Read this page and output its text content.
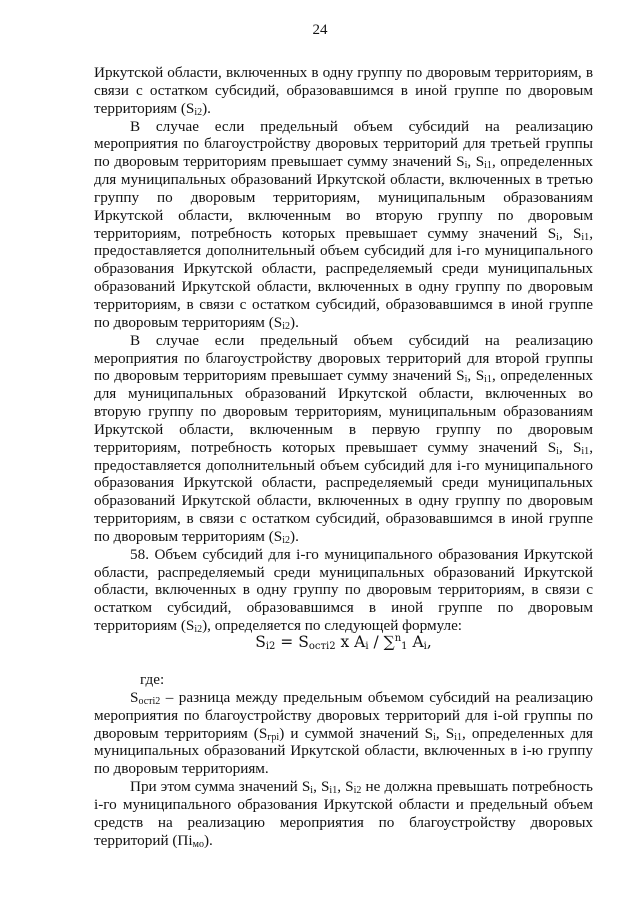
24

Иркутской области, включенных в одну группу по дворовым территориям, в связи с остатком субсидий, образовавшимся в иной группе по дворовым территориям $(S_{i2})$.

В случае если предельный объем субсидий на реализацию мероприятия по благоустройству дворовых территорий для третьей группы по дворовым территориям превышает сумму значений $S_i$, $S_{i1}$, определенных для муниципальных образований Иркутской области, включенных в третью группу по дворовым территориям, муниципальным образованиям Иркутской области, включенным во вторую группу по дворовым территориям, потребность которых превышает сумму значений $S_i$, $S_{i1}$, предоставляется дополнительный объем субсидий для i-го муниципального образования Иркутской области, распределяемый среди муниципальных образований Иркутской области, включенных в одну группу по дворовым территориям, в связи с остатком субсидий, образовавшимся в иной группе по дворовым территориям $(S_{i2})$.

В случае если предельный объем субсидий на реализацию мероприятия по благоустройству дворовых территорий для второй группы по дворовым территориям превышает сумму значений $S_i$, $S_{i1}$, определенных для муниципальных образований Иркутской области, включенных во вторую группу по дворовым территориям, муниципальным образованиям Иркутской области, включенным в первую группу по дворовым территориям, потребность которых превышает сумму значений $S_i$, $S_{i1}$, предоставляется дополнительный объем субсидий для i-го муниципального образования Иркутской области, распределяемый среди муниципальных образований Иркутской области, включенных в одну группу по дворовым территориям, в связи с остатком субсидий, образовавшимся в иной группе по дворовым территориям $(S_{i2})$.

58. Объем субсидий для i-го муниципального образования Иркутской области, распределяемый среди муниципальных образований Иркутской области, включенных в одну группу по дворовым территориям, в связи с остатком субсидий, образовавшимся в иной группе по дворовым территориям $(S_{i2})$, определяется по следующей формуле:

$S_{i2} = S_{остi2}$ x $A_i / \sum^n_1$ $A_i$,

где:

$S_{остi2}$ – разница между предельным объемом субсидий на реализацию мероприятия по благоустройству дворовых территорий для i-ой группы по дворовым территориям $(S_{грi})$ и суммой значений $S_i$, $S_{i1}$, определенных для муниципальных образований Иркутской области, включенных в i-ю группу по дворовым территориям.

При этом сумма значений $S_i$, $S_{i1}$, $S_{i2}$ не должна превышать потребность i-го муниципального образования Иркутской области и предельный объем средств на реализацию мероприятия по благоустройству дворовых территорий $(Пi_{мо})$.
